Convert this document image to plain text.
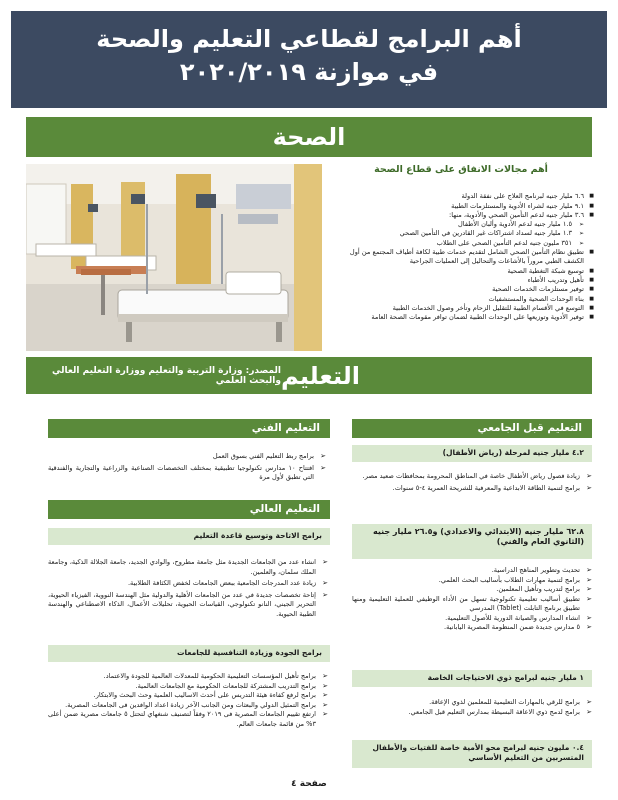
أهم البرامج لقطاعي التعليم والصحة
في موازنة ٢٠٢٠/٢٠١٩
الصحة
أهم مجالات الانفاق على قطاع الصحة
■ ٦.٦ مليار جنيه لبرنامج العلاج على نفقة الدولة
■ ٩.١ مليار جنيه لشراء الأدوية والمستلزمات الطبية
■ ٣.٦ مليار جنيه لدعم التأمين الصحي والأدوية، منها:
➢ ١.٥ مليار جنيه لدعم الأدوية وألبان الأطفال
➢ ١.٣ مليار جنيه لسداد اشتراكات غير القادرين في التأمين الصحي
➢ ٣٥١ مليون جنيه لدعم التأمين الصحي على الطلاب
■ تطبيق نظام التأمين الصحي الشامل لتقديم خدمات طبية لكافة أطياف المجتمع من أول الكشف الطبي مروراً بالأشاعات والتحاليل إلى العمليات الجراحية
■ توسيع شبكة التغطية الصحية
■ تأهيل وتدريب الأطباء
■ توفير مستلزمات الخدمات الصحية
■ بناء الوحدات الصحية والمستشفيات
■ التوسع في الأقسام الطبية للتقليل الزحام وتأخر وصول الخدمات الطبية
■ توفير الأدوية وتوزيعها على الوحدات الطبية لضمان توافر مقومات الصحة العامة
التعليم
المصدر: وزارة التربية والتعليم ووزارة التعليم العالي والبحث العلمي
التعليم قبل الجامعي
٤.٢ مليار جنيه لمرحلة (رياض الأطفال)
➢ زيادة فصول رياض الأطفال خاصة في المناطق المحرومة بمحافظات صعيد مصر.
➢ برامج لتنمية الطاقة الابداعية والمعرفية للشريحة العمرية ٤-٥ سنوات.
٦٢.٨ مليار جنيه (الابتدائي والاعدادي) و٢٦.٥ مليار جنيه (الثانوي العام والفني)
➢ تحديث وتطوير المناهج الدراسية.
➢ برامج لتنمية مهارات الطلاب بأساليب البحث العلمي.
➢ برامج لتدريب وتأهيل المعلمين.
➢ تطبيق أساليب تعليمية تكنولوجية تسهل من الأداء الوظيفي للعملية التعليمية ومنها تطبيق برنامج التابلت (Tablet) المدرسي
➢ انشاء المدارس والصيانة الدورية للأصول التعليمية.
➢ ٥ مدارس جديدة ضمن المنظومة المصرية اليابانية.
١ مليار جنيه لبرامج ذوي الاحتياجات الخاصة
➢ برامج للرقي بالمهارات التعليمية للمعلمين لذوي الإعاقة.
➢ برامج لدمج ذوي الاعاقة البسيطة بمدارس التعليم قبل الجامعي.
٠.٤ مليون جنيه لبرامج محو الأمية خاصة للفتيات والأطفال المتسربين من التعليم الأساسي
التعليم الفني
➢ برامج ربط التعليم الفني بسوق العمل
➢ افتتاح ١٠ مدارس تكنولوجيا تطبيقية بمختلف التخصصات الصناعية والزراعية والتجارية والفندقية التي تطبق لأول مرة
التعليم العالي
برامج الاتاحة وتوسيع قاعدة التعليم
➢ انشاء عدد من الجامعات الجديدة مثل جامعة مطروح، والوادي الجديد، جامعة الجلالة الذكية، وجامعة الملك سلمان، والعلمين.
➢ زيادة عدد المدرجات الجامعية ببعض الجامعات لخفض الكثافة الطلابية.
➢ إتاحة تخصصات جديدة في عدد من الجامعات الأهلية والدولية مثل الهندسة النووية، الفيزياء الحيوية، التحرير الجيني، النانو تكنولوجي، القياسات الحيوية، تحليلات الأعمال، الذكاء الاصطناعي والهندسة الطبية الحيوية.
برامج الجودة وزيادة التنافسية للجامعات
➢ برامج تأهيل المؤسسات التعليمية الحكومية للمعدلات العالمية للجودة والاعتماد.
➢ برامج التدريب المشتركة للجامعات الحكومية مع الجامعات العالمية.
➢ برامج لرفع كفاءة هيئة التدريس على أحدث الاساليب العلمية وحث البحث والابتكار.
➢ برامج التمثيل الدولي والبعثات ومن الجانب الآخر زيادة اعداد الوافدين فى الجامعات المصرية.
➢ ارتفع تقييم الجامعات المصرية فى ٢٠١٩ وفقاً لتصنيف شنغهاي لتحتل ٥ جامعات مصرية ضمن أعلى ٣% من قائمة جامعات العالم.
صفحة ٤
